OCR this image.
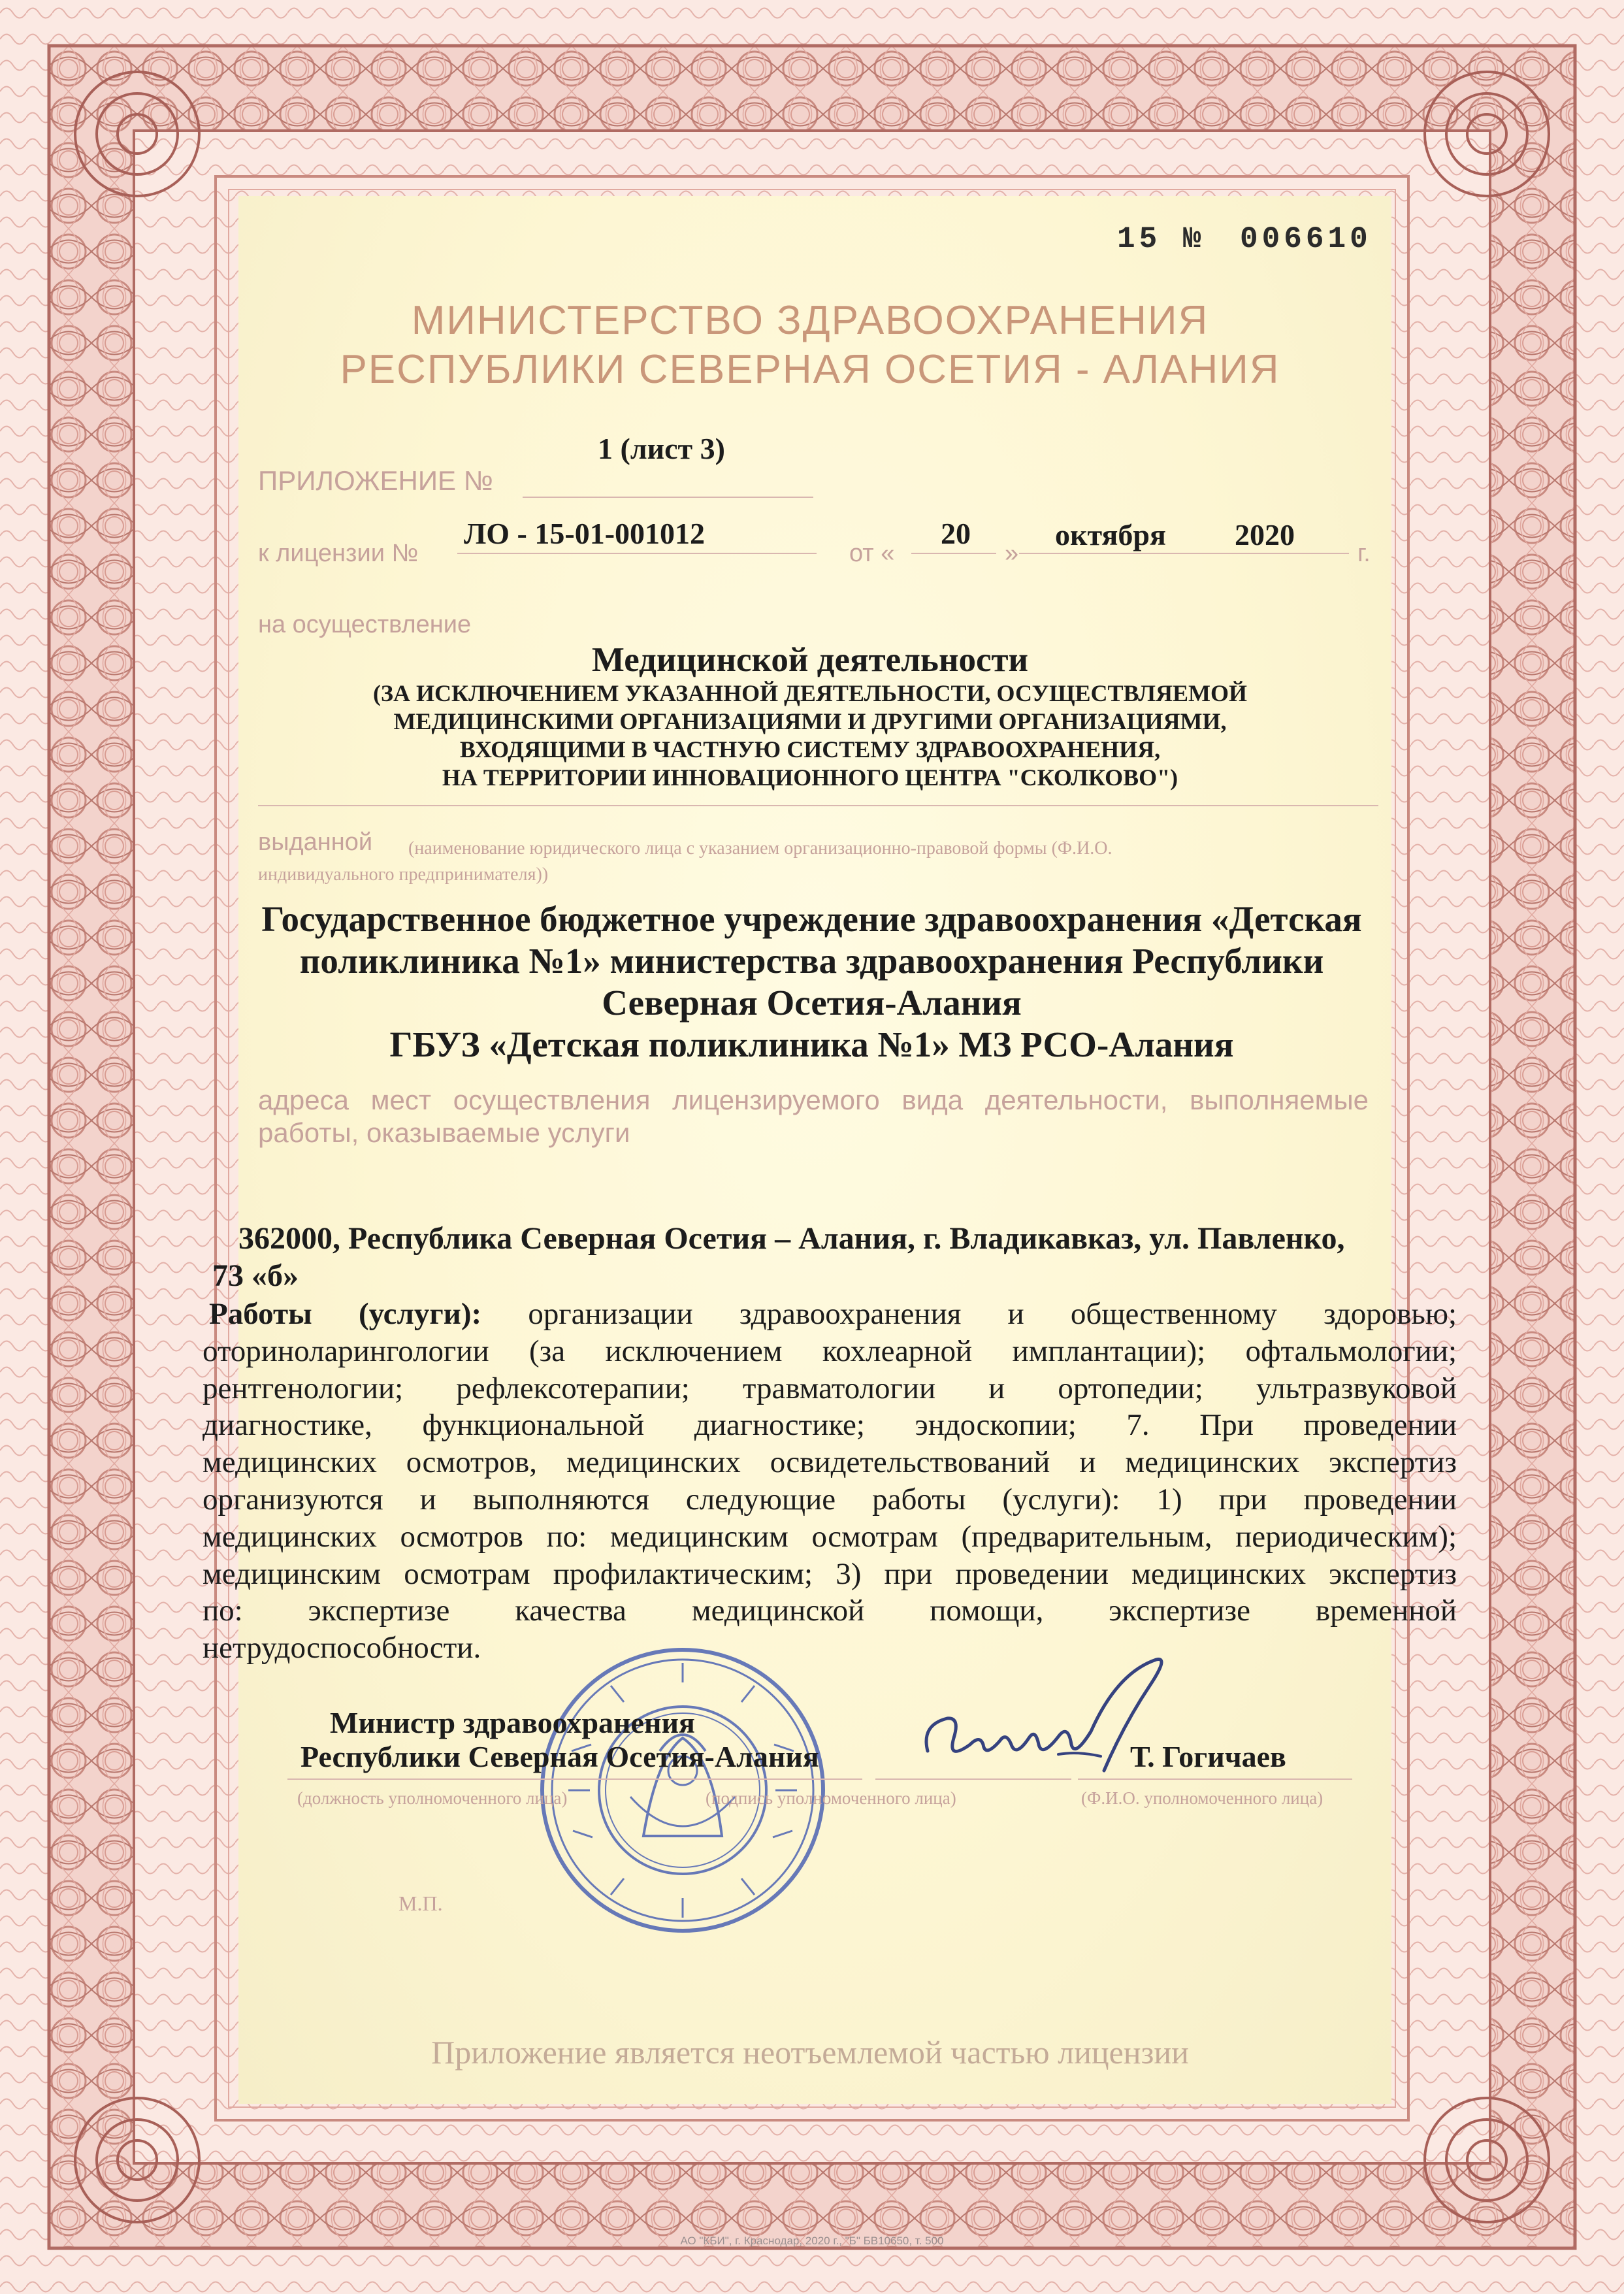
15 № 006610
МИНИСТЕРСТВО ЗДРАВООХРАНЕНИЯ
РЕСПУБЛИКИ СЕВЕРНАЯ ОСЕТИЯ - АЛАНИЯ
1 (лист 3)
ПРИЛОЖЕНИЕ №
к лицензии №
ЛО - 15-01-001012
от «
20
»
октября 2020
г.
на осуществление
Медицинской деятельности
(ЗА ИСКЛЮЧЕНИЕМ УКАЗАННОЙ ДЕЯТЕЛЬНОСТИ, ОСУЩЕСТВЛЯЕМОЙ
МЕДИЦИНСКИМИ ОРГАНИЗАЦИЯМИ И ДРУГИМИ ОРГАНИЗАЦИЯМИ,
ВХОДЯЩИМИ В ЧАСТНУЮ СИСТЕМУ ЗДРАВООХРАНЕНИЯ,
НА ТЕРРИТОРИИ ИННОВАЦИОННОГО ЦЕНТРА "СКОЛКОВО")
выданной (наименование юридического лица с указанием организационно-правовой формы (Ф.И.О.
индивидуального предпринимателя))
Государственное бюджетное учреждение здравоохранения «Детская
поликлиника №1» министерства здравоохранения Республики
Северная Осетия-Алания
ГБУЗ «Детская поликлиника №1» МЗ РСО-Алания
адреса мест осуществления лицензируемого вида деятельности, выполняемые
работы, оказываемые услуги
362000, Республика Северная Осетия – Алания, г. Владикавказ, ул. Павленко,
73 «б»
Работы (услуги): организации здравоохранения и общественному здоровью;
оториноларингологии (за исключением кохлеарной имплантации); офтальмологии;
рентгенологии; рефлексотерапии; травматологии и ортопедии; ультразвуковой
диагностике, функциональной диагностике; эндоскопии; 7. При проведении
медицинских осмотров, медицинских освидетельствований и медицинских экспертиз
организуются и выполняются следующие работы (услуги): 1) при проведении
медицинских осмотров по: медицинским осмотрам (предварительным, периодическим);
медицинским осмотрам профилактическим; 3) при проведении медицинских экспертиз
по: экспертизе качества медицинской помощи, экспертизе временной
нетрудоспособности.
Министр здравоохранения
Республики Северная Осетия-Алания	Т. Гогичаев
(должность уполномоченного лица)	(подпись уполномоченного лица)	(Ф.И.О. уполномоченного лица)
М.П.
Приложение является неотъемлемой частью лицензии
АО "КБИ", г. Краснодар, 2020 г., "Б" БВ10650, т. 500
